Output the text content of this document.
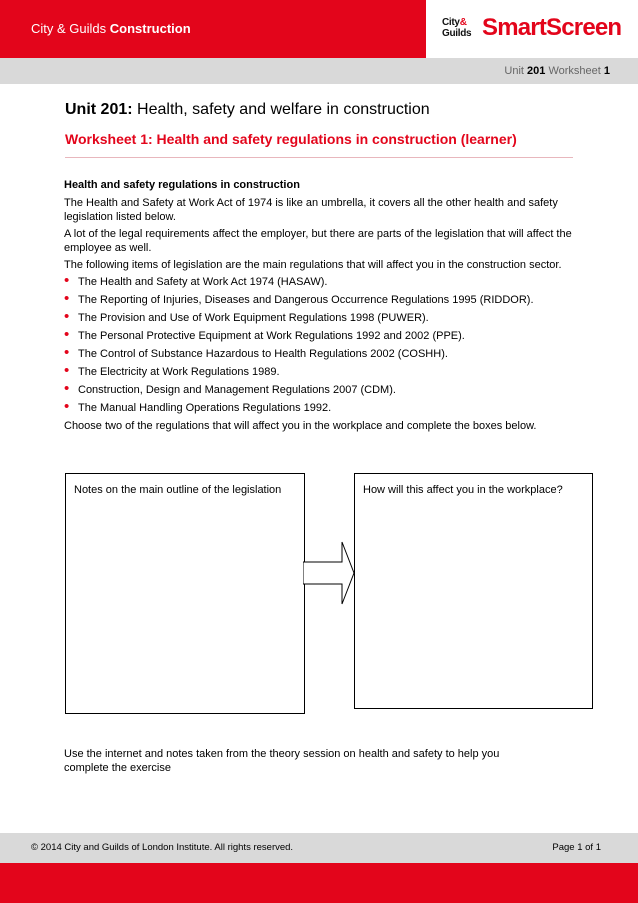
City & Guilds Construction	City&
Guilds SmartScreen
Unit 201 Worksheet 1
Unit 201: Health, safety and welfare in construction
Worksheet 1: Health and safety regulations in construction (learner)
Health and safety regulations in construction

The Health and Safety at Work Act of 1974 is like an umbrella, it covers all the other health and safety legislation listed below.

A lot of the legal requirements affect the employer, but there are parts of the legislation that will affect the employee as well.

The following items of legislation are the main regulations that will affect you in the construction sector.

• The Health and Safety at Work Act 1974 (HASAW).
• The Reporting of Injuries, Diseases and Dangerous Occurrence Regulations 1995 (RIDDOR).
• The Provision and Use of Work Equipment Regulations 1998 (PUWER).
• The Personal Protective Equipment at Work Regulations 1992 and 2002 (PPE).
• The Control of Substance Hazardous to Health Regulations 2002 (COSHH).
• The Electricity at Work Regulations 1989.
• Construction, Design and Management Regulations 2007 (CDM).
• The Manual Handling Operations Regulations 1992.

Choose two of the regulations that will affect you in the workplace and complete the boxes below.

Notes on the main outline of the legislation	How will this affect you in the workplace?
Use the internet and notes taken from the theory session on health and safety to help you complete the exercise
© 2014 City and Guilds of London Institute. All rights reserved.	Page 1 of 1
